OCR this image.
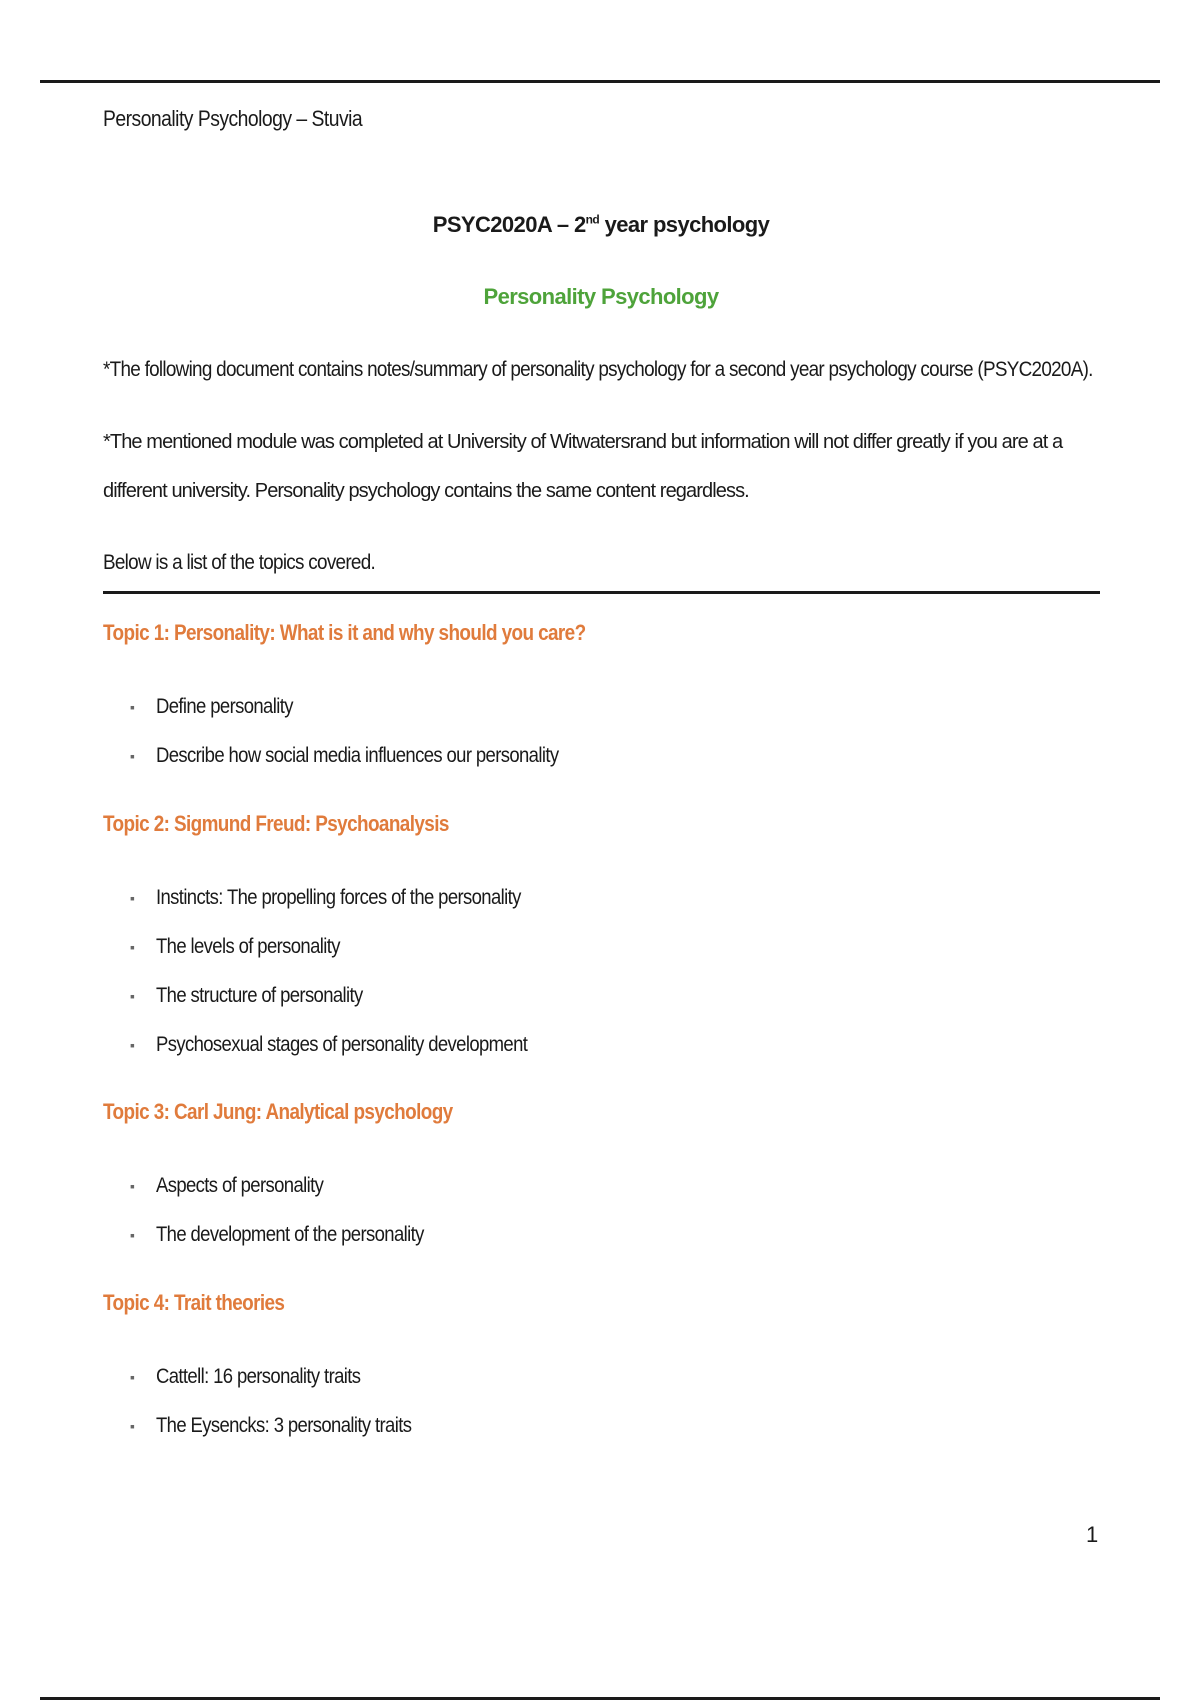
Personality Psychology – Stuvia
PSYC2020A – 2nd year psychology
Personality Psychology
*The following document contains notes/summary of personality psychology for a second year psychology course (PSYC2020A).
*The mentioned module was completed at University of Witwatersrand but information will not differ greatly if you are at a different university. Personality psychology contains the same content regardless.
Below is a list of the topics covered.
Topic 1: Personality: What is it and why should you care?
▪ Define personality
▪ Describe how social media influences our personality
Topic 2: Sigmund Freud: Psychoanalysis
▪ Instincts: The propelling forces of the personality
▪ The levels of personality
▪ The structure of personality
▪ Psychosexual stages of personality development
Topic 3: Carl Jung: Analytical psychology
▪ Aspects of personality
▪ The development of the personality
Topic 4: Trait theories
▪ Cattell: 16 personality traits
▪ The Eysencks: 3 personality traits
1
